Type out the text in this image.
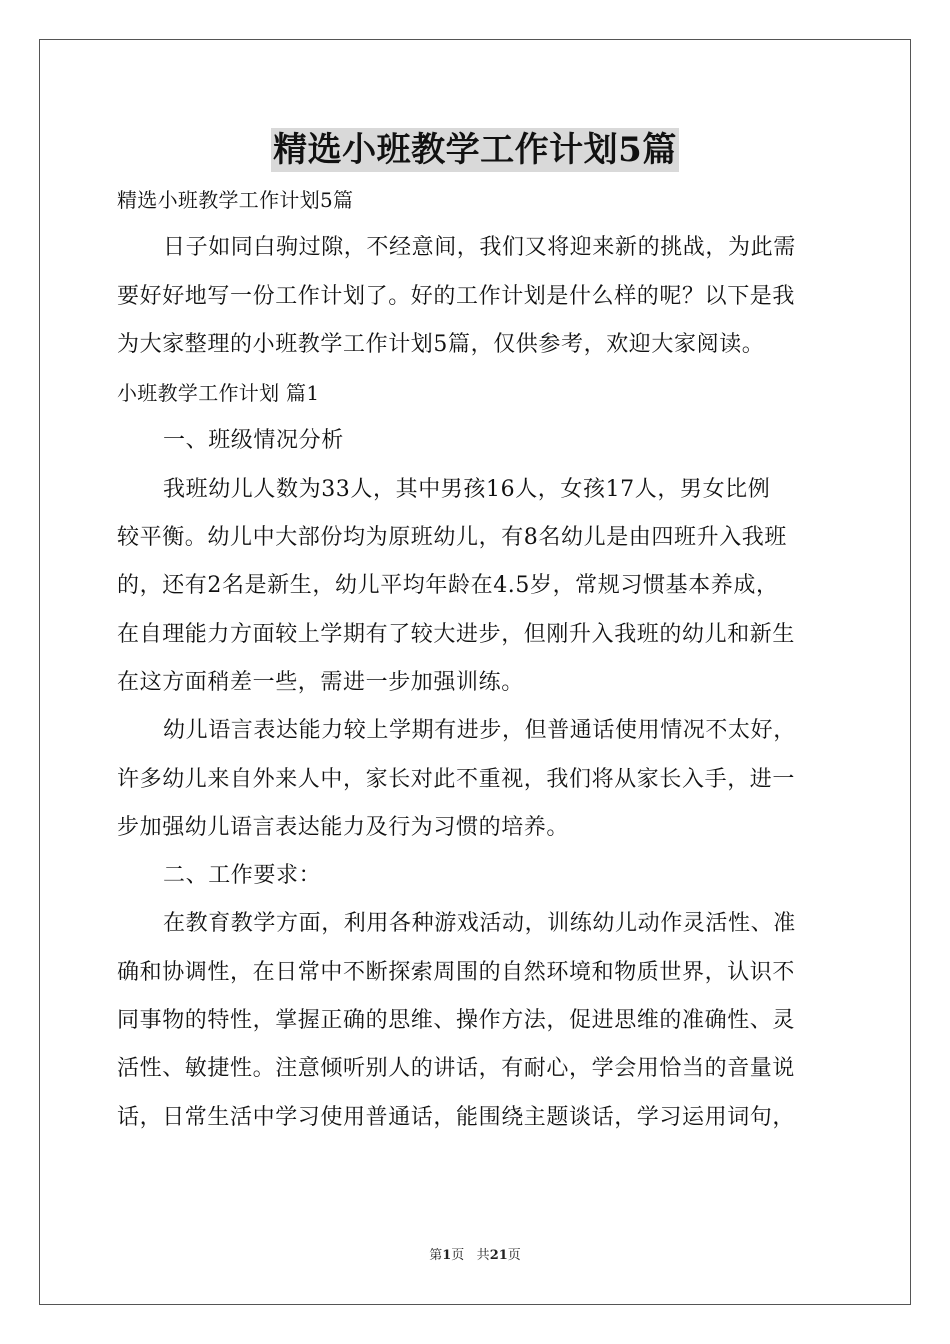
精选小班教学工作计划5篇
精选小班教学工作计划5篇
日子如同白驹过隙，不经意间，我们又将迎来新的挑战，为此需
要好好地写一份工作计划了。好的工作计划是什么样的呢？以下是我
为大家整理的小班教学工作计划5篇，仅供参考，欢迎大家阅读。
小班教学工作计划 篇1
一、班级情况分析
我班幼儿人数为33人，其中男孩16人，女孩17人，男女比例
较平衡。幼儿中大部份均为原班幼儿，有8名幼儿是由四班升入我班
的，还有2名是新生，幼儿平均年龄在4.5岁，常规习惯基本养成，
在自理能力方面较上学期有了较大进步，但刚升入我班的幼儿和新生
在这方面稍差一些，需进一步加强训练。
幼儿语言表达能力较上学期有进步，但普通话使用情况不太好，
许多幼儿来自外来人中，家长对此不重视，我们将从家长入手，进一
步加强幼儿语言表达能力及行为习惯的培养。
二、工作要求：
在教育教学方面，利用各种游戏活动，训练幼儿动作灵活性、准
确和协调性，在日常中不断探索周围的自然环境和物质世界，认识不
同事物的特性，掌握正确的思维、操作方法，促进思维的准确性、灵
活性、敏捷性。注意倾听别人的讲话，有耐心，学会用恰当的音量说
话，日常生活中学习使用普通话，能围绕主题谈话，学习运用词句，
第1页 共21页
